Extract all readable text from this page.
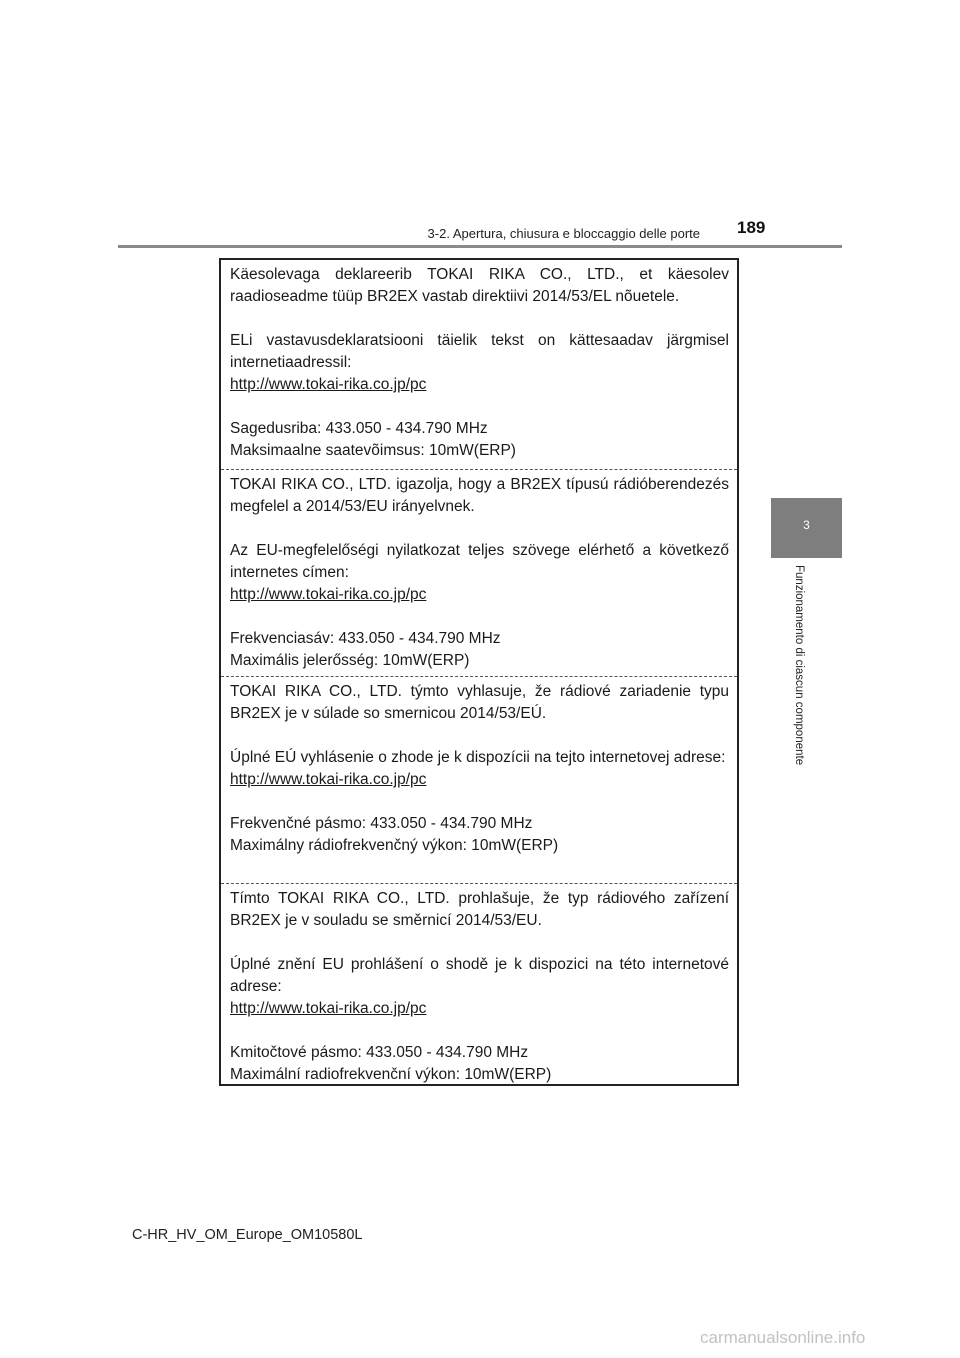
3-2. Apertura, chiusura e bloccaggio delle porte 189
3
Funzionamento di ciascun componente

Käesolevaga deklareerib TOKAI RIKA CO., LTD., et käesolev raadioseadme tüüp BR2EX vastab direktiivi 2014/53/EL nõuetele.

ELi vastavusdeklaratsiooni täielik tekst on kättesaadav järgmisel internetiaadressil:

http://www.tokai-rika.co.jp/pc

Sagedusriba: 433.050 - 434.790 MHz

Maksimaalne saatevõimsus: 10mW(ERP)

TOKAI RIKA CO., LTD. igazolja, hogy a BR2EX típusú rádióberendezés megfelel a 2014/53/EU irányelvnek.

Az EU-megfelelőségi nyilatkozat teljes szövege elérhető a következő internetes címen:

http://www.tokai-rika.co.jp/pc

Frekvenciasáv: 433.050 - 434.790 MHz

Maximális jelerősség: 10mW(ERP)

TOKAI RIKA CO., LTD. týmto vyhlasuje, že rádiové zariadenie typu BR2EX je v súlade so smernicou 2014/53/EÚ.

Úplné EÚ vyhlásenie o zhode je k dispozícii na tejto internetovej adrese:

http://www.tokai-rika.co.jp/pc

Frekvenčné pásmo: 433.050 - 434.790 MHz

Maximálny rádiofrekvenčný výkon: 10mW(ERP)

Tímto TOKAI RIKA CO., LTD. prohlašuje, že typ rádiového zařízení BR2EX je v souladu se směrnicí 2014/53/EU.

Úplné znění EU prohlášení o shodě je k dispozici na této internetové adrese:

http://www.tokai-rika.co.jp/pc

Kmitočtové pásmo: 433.050 - 434.790 MHz

Maximální radiofrekvenční výkon: 10mW(ERP)

C-HR_HV_OM_Europe_OM10580L
carmanualsonline.info
